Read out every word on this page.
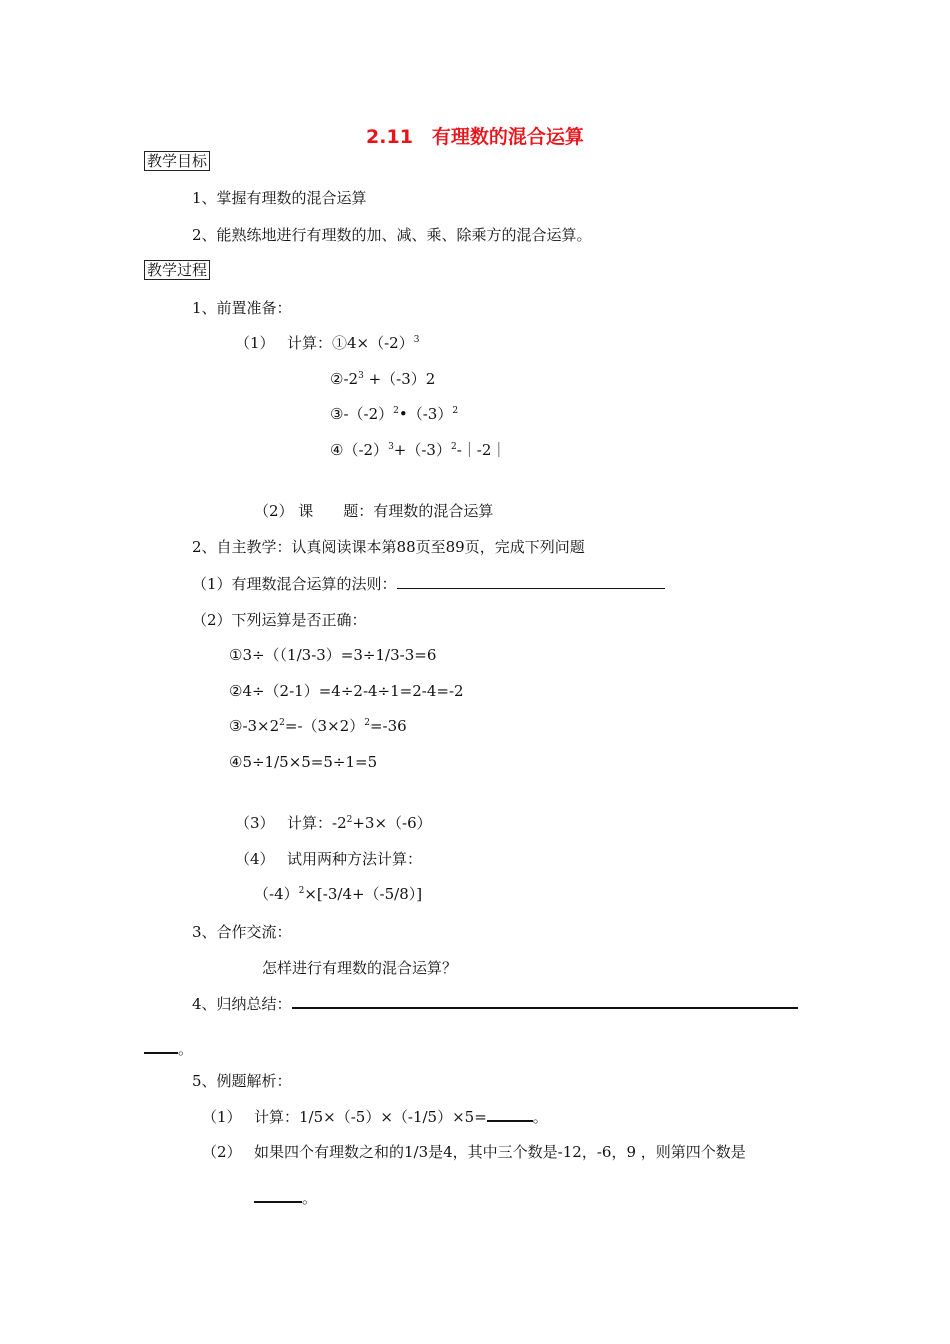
2.11　有理数的混合运算
教学目标
1、掌握有理数的混合运算
2、能熟练地进行有理数的加、减、乘、除乘方的混合运算。
教学过程
1、前置准备：
（1） 计算：$①4\times(-2)^3$
$②-2^3 +(-3)2$
$③-(-2)^2•(-3)^2$
$④(-2)^3+(-3)^2-|-2|$
（2） 课　　题：有理数的混合运算
2、自主教学：认真阅读课本第88页至89页，完成下列问题
（1）有理数混合运算的法则：
（2）下列运算是否正确：
①3÷（（1/3-3）=3÷1/3-3=6
②4÷（2-1）=4÷2-4÷1=2-4=-2
$③-3\times 2^2=-(3\times 2)^2=-36$
④5÷1/5×5=5÷1=5
（3） 计算：$-2^2+3\times(-6)$
（4） 试用两种方法计算：
$(-4)^2\times[-3/4+(-5/8)]$
3、合作交流：
怎样进行有理数的混合运算？
4、归纳总结：
。
5、例题解析：
（1） 计算：1/5×（-5）×（-1/5）×5=	。
（2） 如果四个有理数之和的1/3是4，其中三个数是-12，-6，9 ，则第四个数是
。
